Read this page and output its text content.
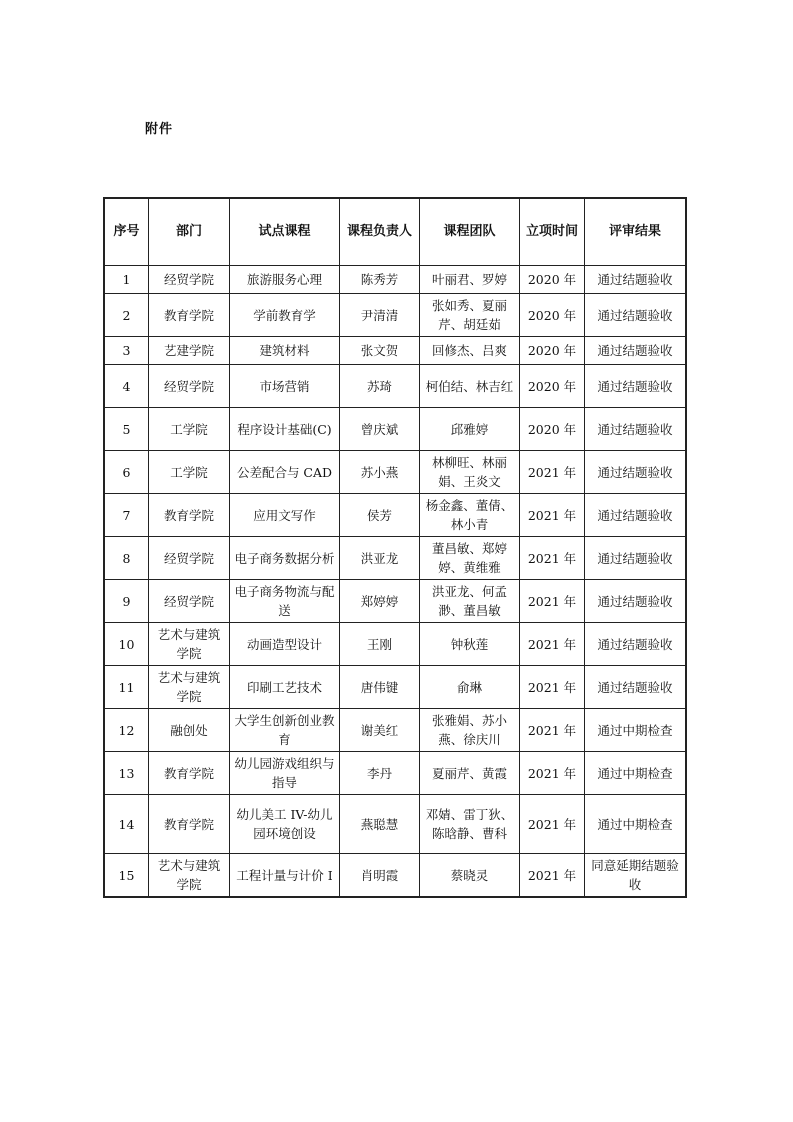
附件
序号	部门	试点课程	课程负责人	课程团队	立项时间	评审结果
1	经贸学院	旅游服务心理	陈秀芳	叶丽君、罗婷	2020 年	通过结题验收
2	教育学院	学前教育学	尹清清	张如秀、夏丽芹、胡廷茹	2020 年	通过结题验收
3	艺建学院	建筑材料	张文贺	回修杰、吕爽	2020 年	通过结题验收
4	经贸学院	市场营销	苏琦	柯伯结、林吉红	2020 年	通过结题验收
5	工学院	程序设计基础(C)	曾庆斌	邱雅婷	2020 年	通过结题验收
6	工学院	公差配合与 CAD	苏小燕	林柳旺、林丽娟、王炎文	2021 年	通过结题验收
7	教育学院	应用文写作	侯芳	杨金鑫、董倩、林小青	2021 年	通过结题验收
8	经贸学院	电子商务数据分析	洪亚龙	董昌敏、郑婷婷、黄维雅	2021 年	通过结题验收
9	经贸学院	电子商务物流与配送	郑婷婷	洪亚龙、何孟渺、董昌敏	2021 年	通过结题验收
10	艺术与建筑学院	动画造型设计	王刚	钟秋莲	2021 年	通过结题验收
11	艺术与建筑学院	印刷工艺技术	唐伟键	俞琳	2021 年	通过结题验收
12	融创处	大学生创新创业教育	谢美红	张雅娟、苏小燕、徐庆川	2021 年	通过中期检查
13	教育学院	幼儿园游戏组织与指导	李丹	夏丽芹、黄霞	2021 年	通过中期检查
14	教育学院	幼儿美工 IV-幼儿园环境创设	燕聪慧	邓婧、雷丁狄、陈晗静、曹科	2021 年	通过中期检查
15	艺术与建筑学院	工程计量与计价 I	肖明霞	蔡晓灵	2021 年	同意延期结题验收
